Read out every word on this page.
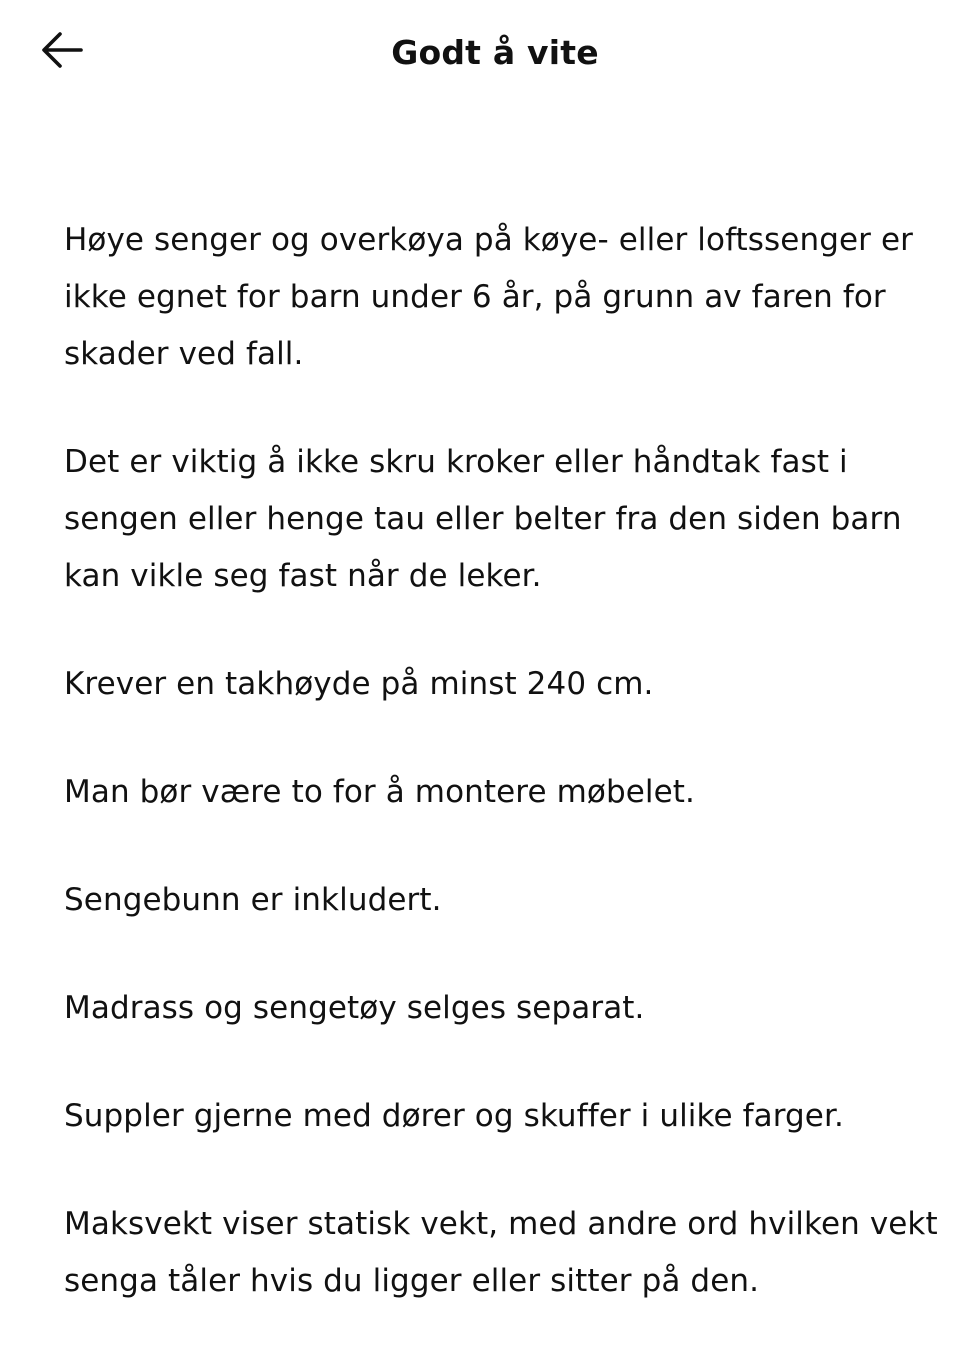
Godt å vite

Høye senger og overkøya på køye- eller loftssenger er ikke egnet for barn under 6 år, på grunn av faren for skader ved fall.

Det er viktig å ikke skru kroker eller håndtak fast i sengen eller henge tau eller belter fra den siden barn kan vikle seg fast når de leker.

Krever en takhøyde på minst 240 cm.

Man bør være to for å montere møbelet.

Sengebunn er inkludert.

Madrass og sengetøy selges separat.

Suppler gjerne med dører og skuffer i ulike farger.

Maksvekt viser statisk vekt, med andre ord hvilken vekt senga tåler hvis du ligger eller sitter på den.
